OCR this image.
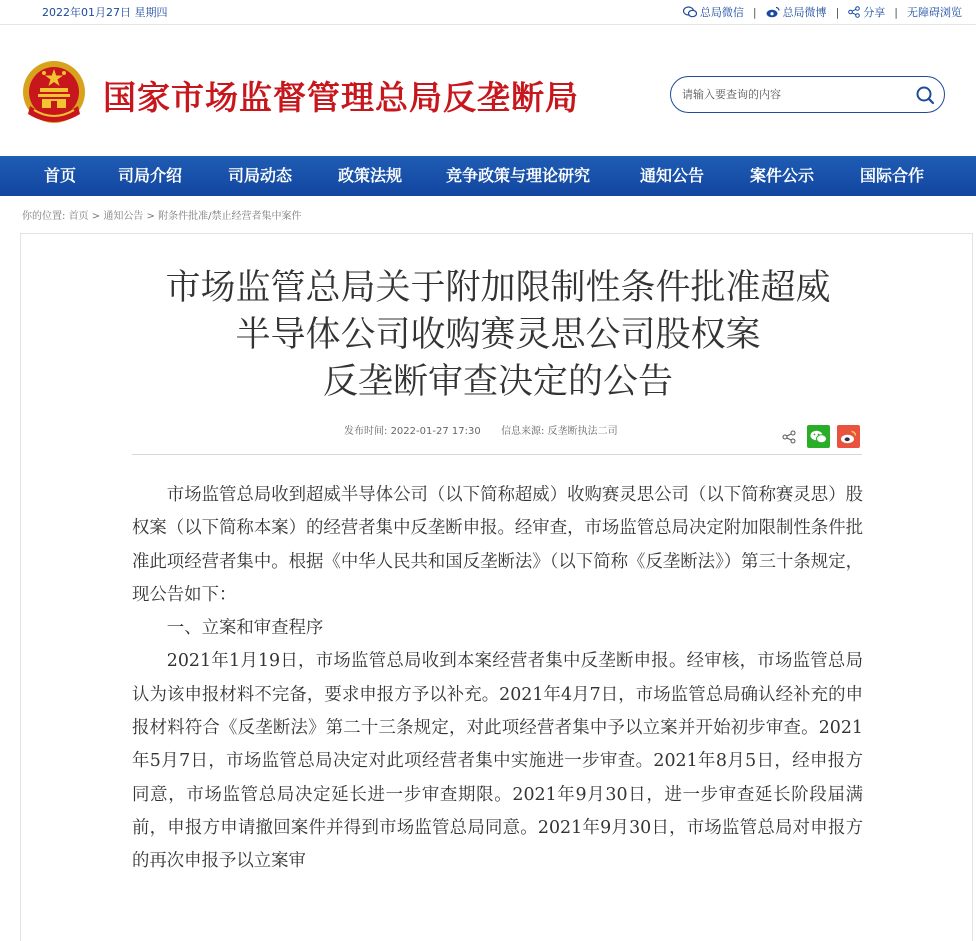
2022年01月27日 星期四	总局微信 | 总局微博 | 分享 | 无障碍浏览
国家市场监督管理总局反垄断局
请输入要查询的内容
首页	司局介绍	司局动态	政策法规	竞争政策与理论研究	通知公告	案件公示	国际合作
你的位置: 首页 > 通知公告 > 附条件批准/禁止经营者集中案件
市场监管总局关于附加限制性条件批准超威
半导体公司收购赛灵思公司股权案
反垄断审查决定的公告
发布时间: 2022-01-27 17:30 信息来源: 反垄断执法二司

市场监管总局收到超威半导体公司（以下简称超威）收购赛灵思公司（以下简称赛灵思）股权案（以下简称本案）的经营者集中反垄断申报。经审查，市场监管总局决定附加限制性条件批准此项经营者集中。根据《中华人民共和国反垄断法》（以下简称《反垄断法》）第三十条规定，现公告如下：

一、立案和审查程序

2021年1月19日，市场监管总局收到本案经营者集中反垄断申报。经审核，市场监管总局认为该申报材料不完备，要求申报方予以补充。2021年4月7日，市场监管总局确认经补充的申报材料符合《反垄断法》第二十三条规定，对此项经营者集中予以立案并开始初步审查。2021年5月7日，市场监管总局决定对此项经营者集中实施进一步审查。2021年8月5日，经申报方同意，市场监管总局决定延长进一步审查期限。2021年9月30日，进一步审查延长阶段届满前，申报方申请撤回案件并得到市场监管总局同意。2021年9月30日，市场监管总局对申报方的再次申报予以立案审
